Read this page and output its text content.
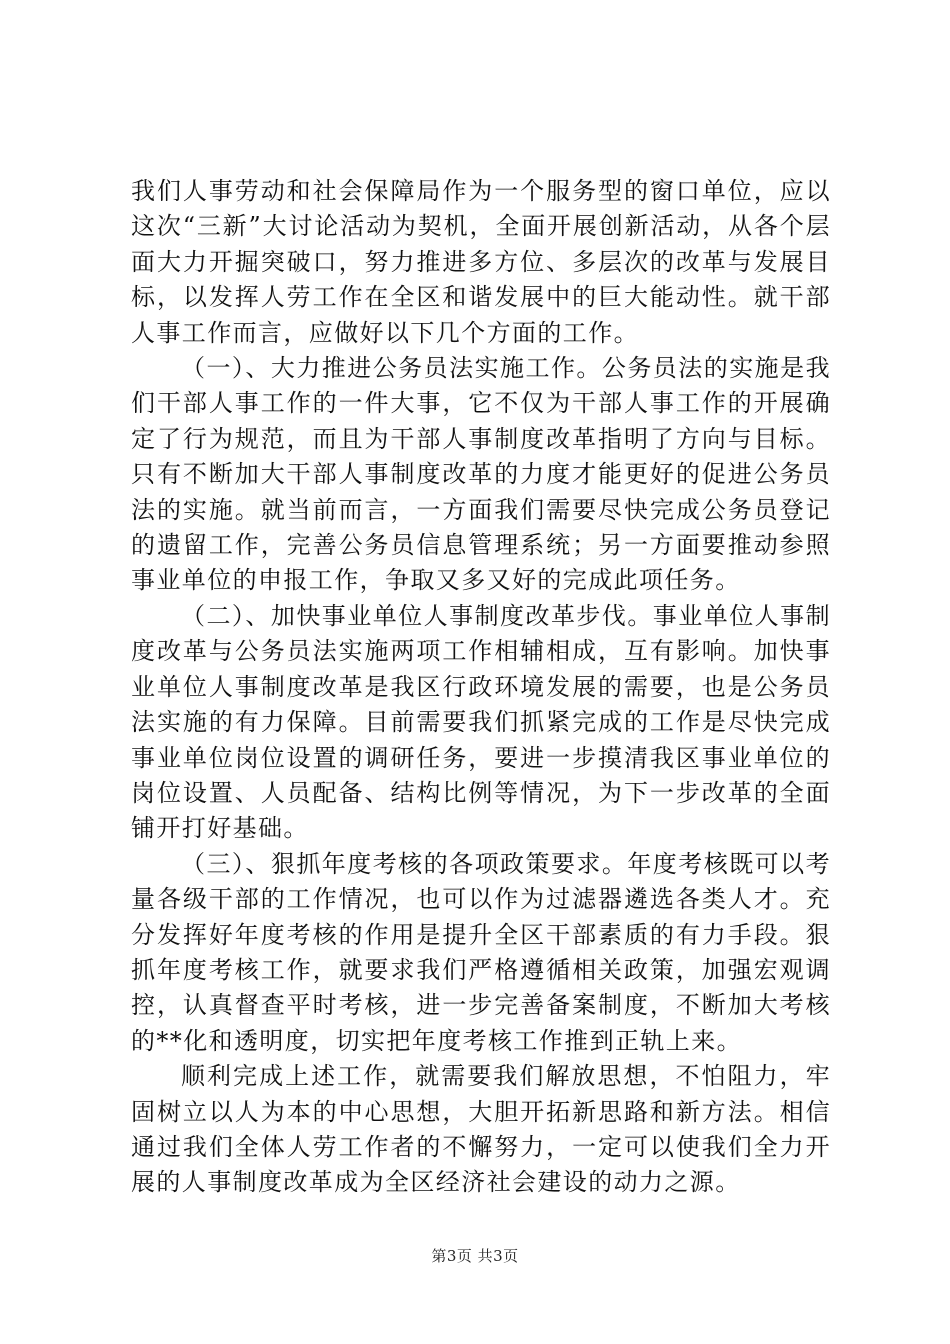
我们人事劳动和社会保障局作为一个服务型的窗口单位，应以这次“三新”大讨论活动为契机，全面开展创新活动，从各个层面大力开掘突破口，努力推进多方位、多层次的改革与发展目标，以发挥人劳工作在全区和谐发展中的巨大能动性。就干部人事工作而言，应做好以下几个方面的工作。

（一）、大力推进公务员法实施工作。公务员法的实施是我们干部人事工作的一件大事，它不仅为干部人事工作的开展确定了行为规范，而且为干部人事制度改革指明了方向与目标。只有不断加大干部人事制度改革的力度才能更好的促进公务员法的实施。就当前而言，一方面我们需要尽快完成公务员登记的遗留工作，完善公务员信息管理系统；另一方面要推动参照事业单位的申报工作，争取又多又好的完成此项任务。

（二）、加快事业单位人事制度改革步伐。事业单位人事制度改革与公务员法实施两项工作相辅相成，互有影响。加快事业单位人事制度改革是我区行政环境发展的需要，也是公务员法实施的有力保障。目前需要我们抓紧完成的工作是尽快完成事业单位岗位设置的调研任务，要进一步摸清我区事业单位的岗位设置、人员配备、结构比例等情况，为下一步改革的全面铺开打好基础。

（三）、狠抓年度考核的各项政策要求。年度考核既可以考量各级干部的工作情况，也可以作为过滤器遴选各类人才。充分发挥好年度考核的作用是提升全区干部素质的有力手段。狠抓年度考核工作，就要求我们严格遵循相关政策，加强宏观调控，认真督查平时考核，进一步完善备案制度，不断加大考核的**化和透明度，切实把年度考核工作推到正轨上来。

顺利完成上述工作，就需要我们解放思想，不怕阻力，牢固树立以人为本的中心思想，大胆开拓新思路和新方法。相信通过我们全体人劳工作者的不懈努力，一定可以使我们全力开展的人事制度改革成为全区经济社会建设的动力之源。

第3页 共3页
